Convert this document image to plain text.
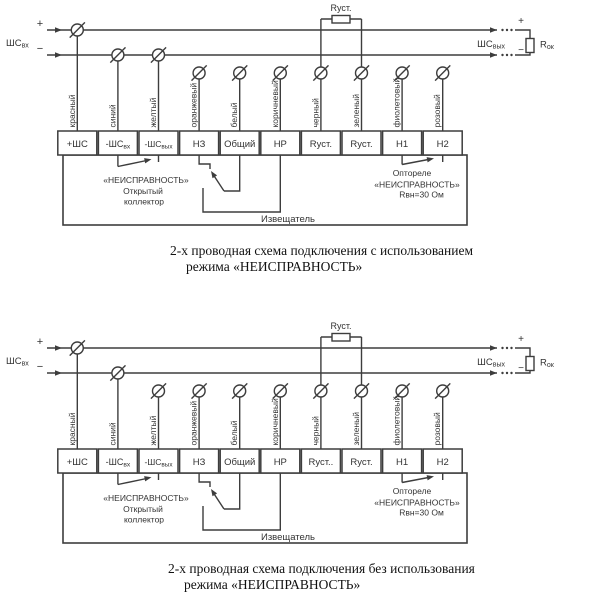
Rуст.
+
−
ШСвх
+
−
ШСвых	Rок
красный	синий	желтый	оранжевый	белый	коричневый	черный	зеленый	фиолетовый	розовый
Извещатель
+ШС -ШСвх -ШСвых НЗ Общий НР Rуст. Rуст. Н1	Н2
«НЕИСПРАВНОСТЬ»
Открытый
коллектор
Оптореле
«НЕИСПРАВНОСТЬ»
Rвн=30 Ом
2-х проводная схема подключения с использованием
режима «НЕИСПРАВНОСТЬ»
Rуст.
+
−
ШСвх
+
−
ШСвых	Rок
красный	синий	желтый	оранжевый	белый	коричневый	черный	зеленый	фиолетовый	розовый
Извещатель
+ШС -ШСвх -ШСвых НЗ Общий НР Rуст.. Rуст. Н1	Н2
«НЕИСПРАВНОСТЬ»
Открытый
коллектор
Оптореле
«НЕИСПРАВНОСТЬ»
Rвн=30 Ом
2-х проводная схема подключения без использования
режима «НЕИСПРАВНОСТЬ»
